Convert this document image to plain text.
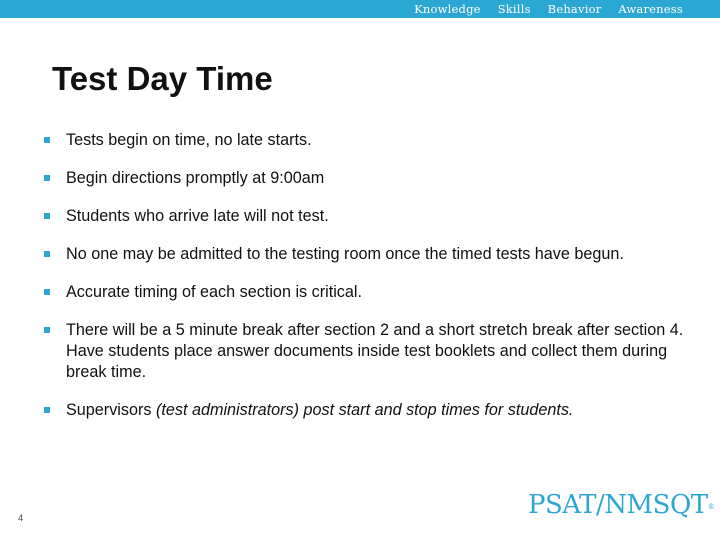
Knowledge Skills Behavior Awareness
Test Day Time
Tests begin on time, no late starts.
Begin directions promptly at 9:00am
Students who arrive late will not test.
No one may be admitted to the testing room once the timed tests have begun.
Accurate timing of each section is critical.
There will be a 5 minute break after section 2 and a short stretch break after section 4. Have students place answer documents inside test booklets and collect them during break time.
Supervisors (test administrators) post start and stop times for students.
4	PSAT/NMSQT®
